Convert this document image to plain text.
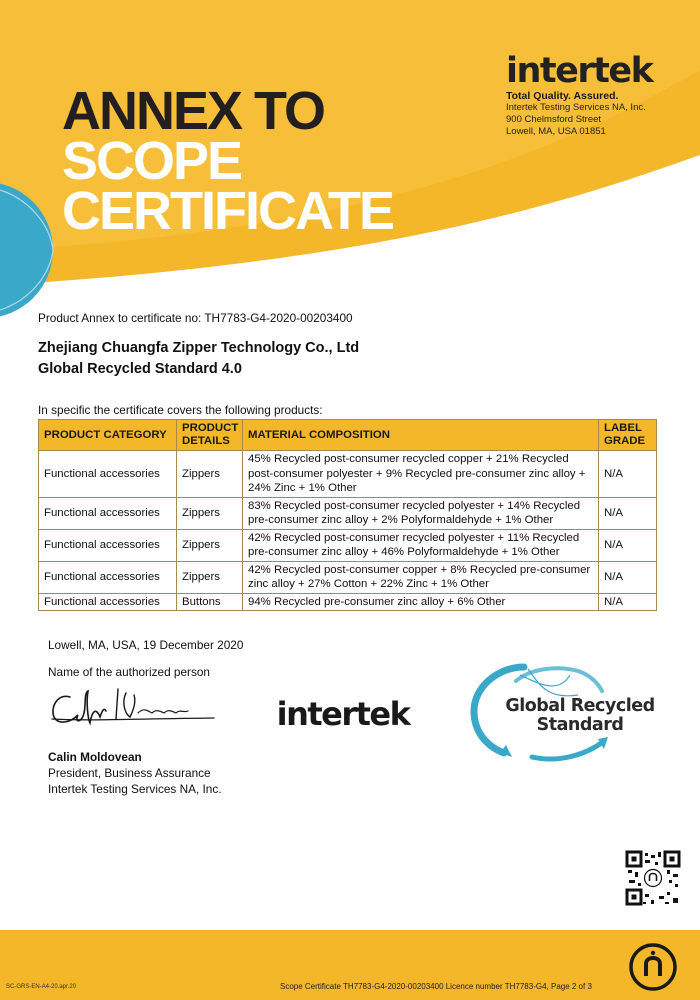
ANNEX TO
SCOPE
CERTIFICATE
intertek
Total Quality. Assured.
Intertek Testing Services NA, Inc.
900 Chelmsford Street
Lowell, MA, USA 01851
Product Annex to certificate no: TH7783-G4-2020-00203400
Zhejiang Chuangfa Zipper Technology Co., Ltd
Global Recycled Standard 4.0
In specific the certificate covers the following products:
PRODUCT CATEGORY	PRODUCT DETAILS	MATERIAL COMPOSITION	LABEL GRADE
Functional accessories	Zippers	45% Recycled post-consumer recycled copper + 21% Recycled post-consumer polyester + 9% Recycled pre-consumer zinc alloy + 24% Zinc + 1% Other	N/A
Functional accessories	Zippers	83% Recycled post-consumer recycled polyester + 14% Recycled pre-consumer zinc alloy + 2% Polyformaldehyde + 1% Other	N/A
Functional accessories	Zippers	42% Recycled post-consumer recycled polyester + 11% Recycled pre-consumer zinc alloy + 46% Polyformaldehyde + 1% Other	N/A
Functional accessories	Zippers	42% Recycled post-consumer copper + 8% Recycled pre-consumer zinc alloy + 27% Cotton + 22% Zinc + 1% Other	N/A
Functional accessories	Buttons	94% Recycled pre-consumer zinc alloy + 6% Other	N/A
Lowell, MA, USA, 19 December 2020
Name of the authorized person
Calin Moldovean
President, Business Assurance
Intertek Testing Services NA, Inc.
intertek	Global Recycled
Standard
SC-GRS-EN-A4-20.apr.20	Scope Certificate TH7783-G4-2020-00203400 Licence number TH7783-G4, Page 2 of 3
